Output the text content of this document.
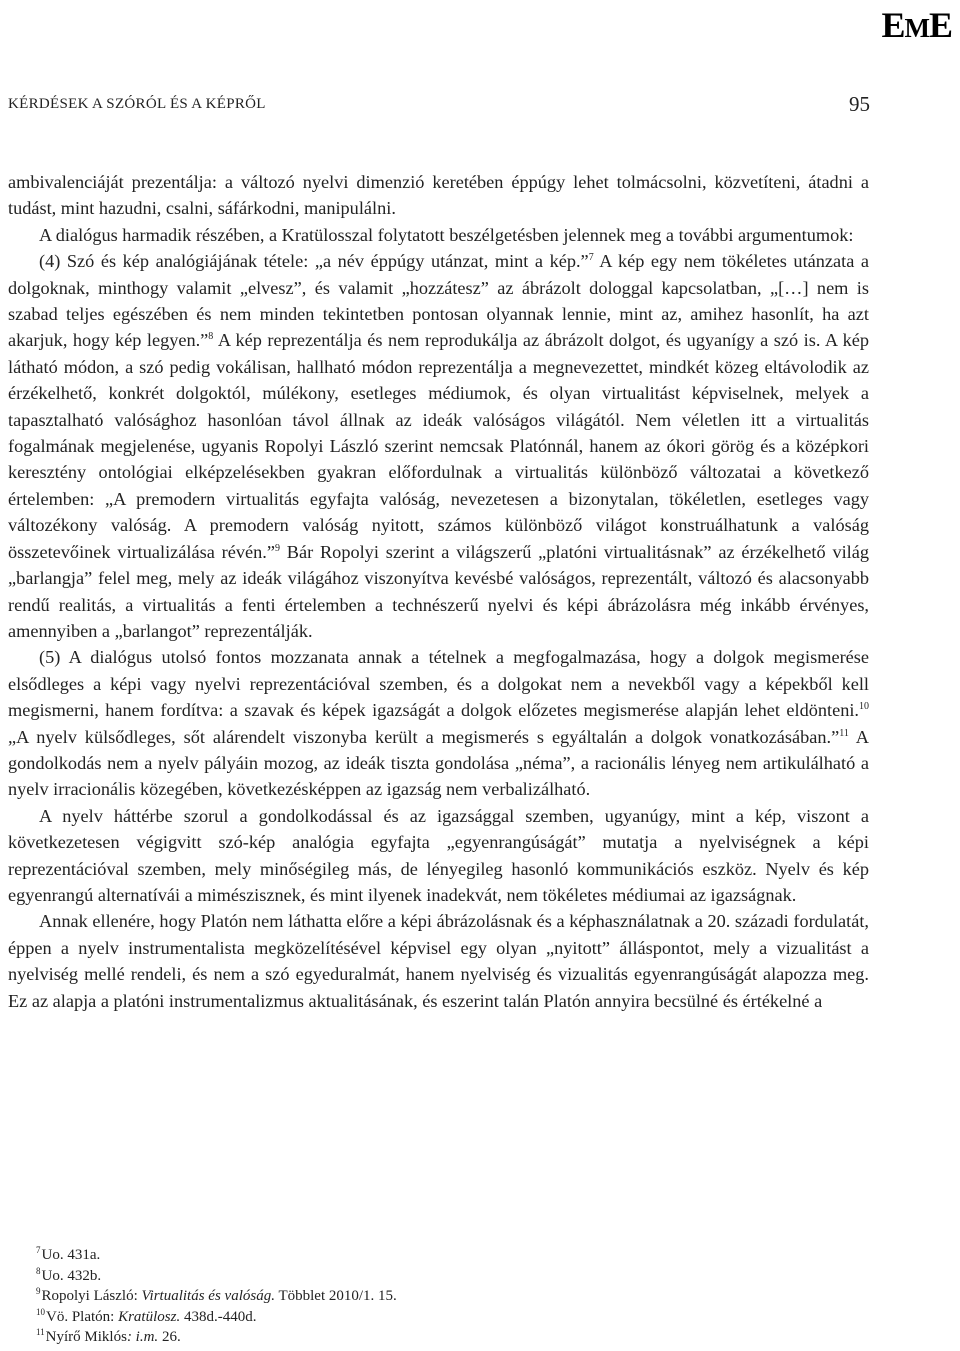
EME
KÉRDÉSEK A SZÓRÓL ÉS A KÉPRŐL	95

ambivalenciáját prezentálja: a változó nyelvi dimenzió keretében éppúgy lehet tolmácsolni, közvetíteni, átadni a tudást, mint hazudni, csalni, sáfárkodni, manipulálni.

A dialógus harmadik részében, a Kratülosszal folytatott beszélgetésben jelennek meg a további argumentumok:

(4) Szó és kép analógiájának tétele: „a név éppúgy utánzat, mint a kép.”$^7$ A kép egy nem tökéletes utánzata a dolgoknak, minthogy valamit „elvesz”, és valamit „hozzátesz” az ábrázolt dologgal kapcsolatban, „[…] nem is szabad teljes egészében és nem minden tekintetben pontosan olyannak lennie, mint az, amihez hasonlít, ha azt akarjuk, hogy kép legyen.”$^8$ A kép reprezentálja és nem reprodukálja az ábrázolt dolgot, és ugyanígy a szó is. A kép látható módon, a szó pedig vokálisan, hallható módon reprezentálja a megnevezettet, mindkét közeg eltávolodik az érzékelhető, konkrét dolgoktól, múlékony, esetleges médiumok, és olyan virtualitást képviselnek, melyek a tapasztalható valósághoz hasonlóan távol állnak az ideák valóságos világától. Nem véletlen itt a virtualitás fogalmának megjelenése, ugyanis Ropolyi László szerint nemcsak Platónnál, hanem az ókori görög és a középkori keresztény ontológiai elképzelésekben gyakran előfordulnak a virtualitás különböző változatai a következő értelemben: „A premodern virtualitás egyfajta valóság, nevezetesen a bizonytalan, tökéletlen, esetleges vagy változékony valóság. A premodern valóság nyitott, számos különböző világot konstruálhatunk a valóság összetevőinek virtualizálása révén.”$^9$ Bár Ropolyi szerint a világszerű „platóni virtualitásnak” az érzékelhető világ „barlangja” felel meg, mely az ideák világához viszonyítva kevésbé valóságos, reprezentált, változó és alacsonyabb rendű realitás, a virtualitás a fenti értelemben a technészerű nyelvi és képi ábrázolásra még inkább érvényes, amennyiben a „barlangot” reprezentálják.

(5) A dialógus utolsó fontos mozzanata annak a tételnek a megfogalmazása, hogy a dolgok megismerése elsődleges a képi vagy nyelvi reprezentációval szemben, és a dolgokat nem a nevekből vagy a képekből kell megismerni, hanem fordítva: a szavak és képek igazságát a dolgok előzetes megismerése alapján lehet eldönteni.$^{10}$ „A nyelv külsődleges, sőt alárendelt viszonyba került a megismerés s egyáltalán a dolgok vonatkozásában.”$^{11}$ A gondolkodás nem a nyelv pályáin mozog, az ideák tiszta gondolása „néma”, a racionális lényeg nem artikulálható a nyelv irracionális közegében, következésképpen az igazság nem verbalizálható.

A nyelv háttérbe szorul a gondolkodással és az igazsággal szemben, ugyanúgy, mint a kép, viszont a következetesen végigvitt szó-kép analógia egyfajta „egyenrangúságát” mutatja a nyelviségnek a képi reprezentációval szemben, mely minőségileg más, de lényegileg hasonló kommunikációs eszköz. Nyelv és kép egyenrangú alternatívái a mimészisznek, és mint ilyenek inadekvát, nem tökéletes médiumai az igazságnak.

Annak ellenére, hogy Platón nem láthatta előre a képi ábrázolásnak és a képhasználatnak a 20. századi fordulatát, éppen a nyelv instrumentalista megközelítésével képvisel egy olyan „nyitott” álláspontot, mely a vizualitást a nyelviség mellé rendeli, és nem a szó egyeduralmát, hanem nyelviség és vizualitás egyenrangúságát alapozza meg. Ez az alapja a platóni instrumentalizmus aktualitásának, és eszerint talán Platón annyira becsülné és értékelné a

$^7$Uo. 431a.
$^8$Uo. 432b.
$^9$Ropolyi László: Virtualitás és valóság. Többlet 2010/1. 15.
$^{10}$Vö. Platón: Kratülosz. 438d.-440d.
$^{11}$Nyírő Miklós: i.m. 26.
